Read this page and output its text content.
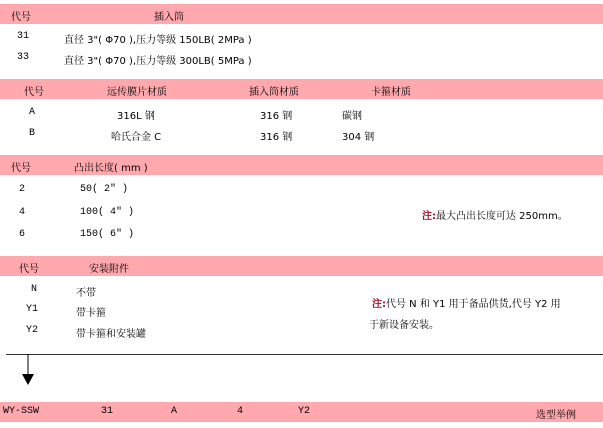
代号	插入筒
31	直径 3"( Φ70 ),压力等级 150LB( 2MPa )
33	直径 3"( Φ70 ),压力等级 300LB( 5MPa )
代号	远传膜片材质	插入筒材质	卡箍材质
A	316L 钢	316 钢	碳钢
B	哈氏合金 C	316 钢	304 钢
代号	凸出长度( mm )
2	50( 2" )
4	100( 4" )
6	150( 6" )
注:最大凸出长度可达 250mm。
代号	安装附件
N	不带
Y1	带卡箍
Y2	带卡箍和安装罐
注:代号 N 和 Y1 用于备品供货,代号 Y2 用
于新设备安装。
WY-SSW	31	A	4	Y2	选型举例
